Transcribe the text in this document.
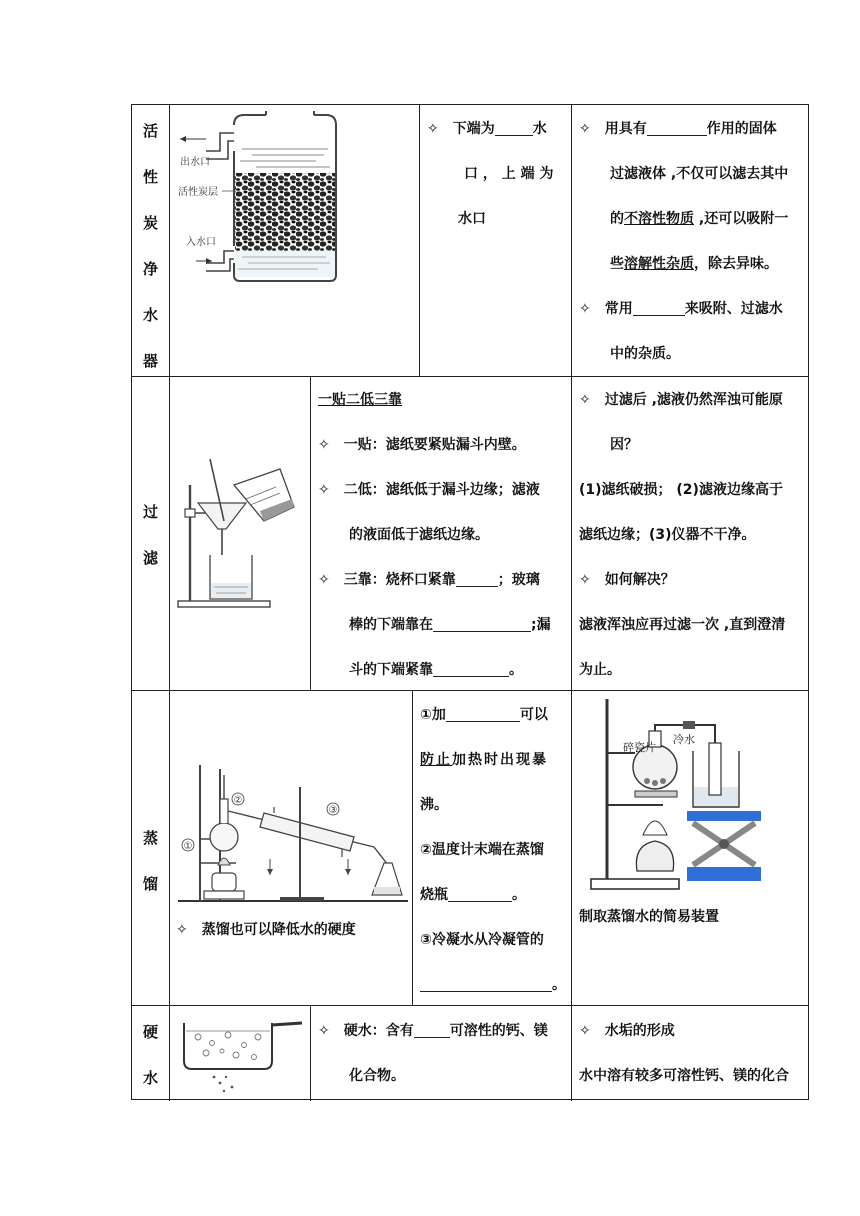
活
性
炭
净
水
器
出水口
活性炭层
入水口
✧ 下端为	水
口 ， 上 端 为
水口
✧ 用具有	作用的固体
过滤液体 ,不仅可以滤去其中
的不溶性物质 ,还可以吸附一
些溶解性杂质，除去异味。
✧ 常用	来吸附、过滤水
中的杂质。
过
滤
一贴二低三靠
✧ 一贴：滤纸要紧贴漏斗内壁。
✧ 二低：滤纸低于漏斗边缘；滤液
的液面低于滤纸边缘。
✧ 三靠：烧杯口紧靠	；玻璃
棒的下端靠在	;漏
斗的下端紧靠	。
✧ 过滤后 ,滤液仍然浑浊可能原
因？
(1)滤纸破损； (2)滤液边缘高于
滤纸边缘；(3)仪器不干净。
✧ 如何解决？
滤液浑浊应再过滤一次 ,直到澄清
为止。
蒸
馏
①
②
③
✧ 蒸馏也可以降低水的硬度
①加	可以
防止加热时出现暴
沸。
②温度计末端在蒸馏
烧瓶	。
③冷凝水从冷凝管的
。
碎瓷片
冷水
制取蒸馏水的简易装置
硬
水
✧ 硬水：含有	可溶性的钙、镁
化合物。
✧ 水垢的形成
水中溶有较多可溶性钙、镁的化合
